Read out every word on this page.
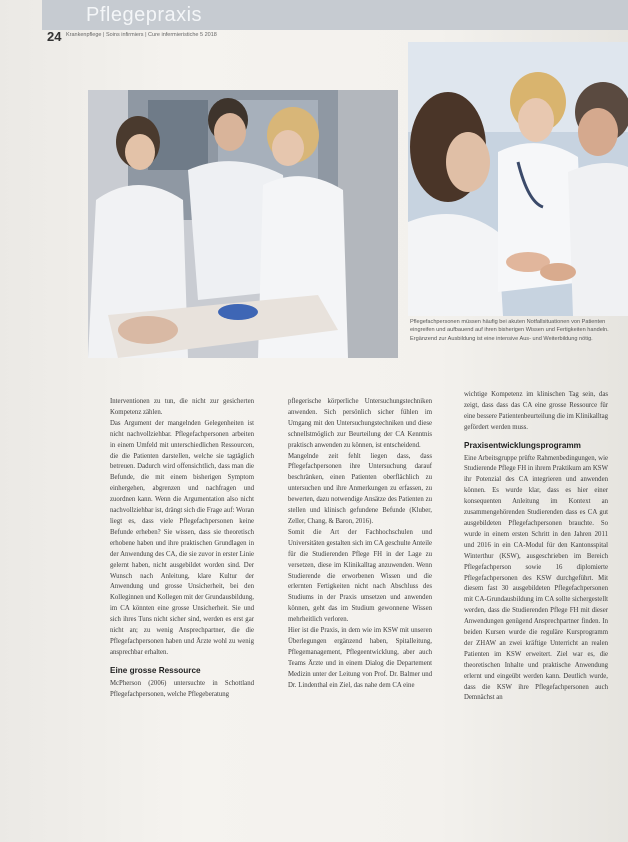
Pflegepraxis
24 Krankenpflege | Soins infirmiers | Cure infermieristiche 5 2018
Pflegefachpersonen müssen häufig bei akuten Notfallsituationen von Patienten eingreifen und aufbauend auf ihren bisherigen Wissen und Fertigkeiten handeln. Ergänzend zur Ausbildung ist eine intensive Aus- und Weiterbildung nötig.

Interventionen zu tun, die nicht zur gesicherten Kompetenz zählen.

Das Argument der mangelnden Gelegenheiten ist nicht nachvollziehbar. Pflegefachpersonen arbeiten in einem Umfeld mit unterschiedlichen Ressourcen, die die Patienten darstellen, welche sie tagtäglich betreuen. Dadurch wird offensichtlich, dass man die Befunde, die mit einem bisherigen Symptom einhergehen, abgrenzen und nachfragen und zuordnen kann. Wenn die Argumentation also nicht nachvollziehbar ist, drängt sich die Frage auf: Woran liegt es, dass viele Pflegefachpersonen keine Befunde erheben? Sie wissen, dass sie theoretisch erhobene haben und ihre praktischen Grundlagen in der Anwendung des CA, die sie zuvor in erster Linie gelernt haben, nicht ausgebildet worden sind. Der Wunsch nach Anleitung, klare Kultur der Anwendung und grosse Unsicherheit, bei den Kolleginnen und Kollegen mit der Grundausbildung, im CA könnten eine grosse Unsicherheit. Sie und sich ihres Tuns nicht sicher sind, werden es erst gar nicht an; zu wenig Ansprechpartner, die die Pflegefachpersonen haben und Ärzte wohl zu wenig ansprechbar erhalten.

Eine grosse Ressource

McPherson (2006) untersuchte in Schottland Pflegefachpersonen, welche Pflegeberatung

pflegerische körperliche Untersuchungstechniken anwenden. Sich persönlich sicher fühlen im Umgang mit den Untersuchungstechniken und diese schnellstmöglich zur Beurteilung der CA Kenntnis praktisch anwenden zu können, ist entscheidend.

Mangelnde zeit fehlt liegen dass, dass Pflegefachpersonen ihre Untersuchung darauf beschränken, einen Patienten oberflächlich zu untersuchen und ihre Anmerkungen zu erfassen, zu bewerten, dazu notwendige Ansätze des Patienten zu stellen und klinisch gefundene Befunde (Kluber, Zeller, Chang, & Baron, 2016).

Somit die Art der Fachhochschulen und Universitäten gestalten sich im CA geschulte Anteile für die Studierenden Pflege FH in der Lage zu versetzen, diese im Klinikalltag anzuwenden. Wenn Studierende die erworbenen Wissen und die erlernten Fertigkeiten nicht nach Abschluss des Studiums in der Praxis umsetzen und anwenden können, geht das im Studium gewonnene Wissen mehrheitlich verloren.

Hier ist die Praxis, in dem wie im KSW mit unseren Überlegungen ergänzend haben, Spitalleitung, Pflegemanagement, Pflegeentwicklung, aber auch Teams Ärzte und in einem Dialog die Departement Medizin unter der Leitung von Prof. Dr. Balmer und Dr. Lindenthal ein Ziel, das nahe dem CA eine

wichtige Kompetenz im klinischen Tag sein, das zeigt, dass dass das CA eine grosse Ressource für eine bessere Patientenbeurteilung die im Klinikalltag gefördert werden muss.

Praxisentwicklungsprogramm

Eine Arbeitsgruppe prüfte Rahmenbedingungen, wie Studierende Pflege FH in ihrem Praktikum am KSW ihr Potenzial des CA integrieren und anwenden können. Es wurde klar, dass es hier einer konsequenten Anleitung im Kontext an zusammengehörenden Studierenden dass es CA gut ausgebildeten Pflegefachpersonen brauchte. So wurde in einem ersten Schritt in den Jahren 2011 und 2016 in ein CA-Modul für den Kantonsspital Winterthur (KSW), ausgeschrieben im Bereich Pflegefachperson sowie 16 diplomierte Pflegefachpersonen des KSW durchgeführt. Mit diesem fast 30 ausgebildeten Pflegefachpersonen mit CA-Grundausbildung im CA sollte sichergestellt werden, dass die Studierenden Pflege FH mit dieser Anwendungen genügend Ansprechpartner finden. In beiden Kursen wurde die reguläre Kursprogramm der ZHAW an zwei kräftige Unterricht an realen Patienten im KSW erweitert. Ziel war es, die theoretischen Inhalte und praktische Anwendung erlernt und eingeübt werden kann. Deutlich wurde, dass die KSW ihre Pflegefachpersonen auch Demnächst an
